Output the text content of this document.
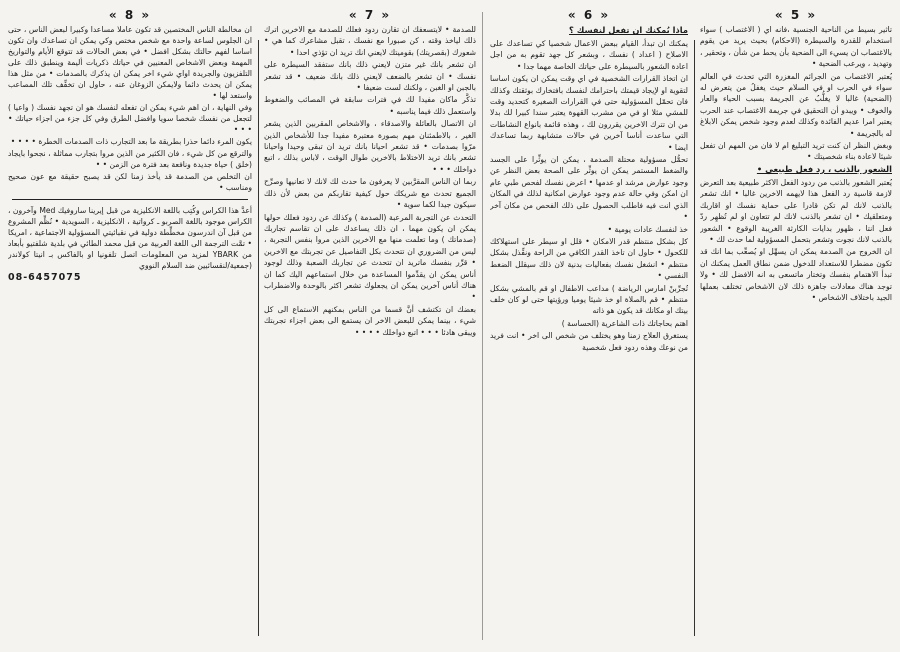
« 8 »
ان مخالطة الناس المختصين قد تكون عاملا مساعدا وكبيرا لبعض الناس ، حتى ان الجلوس لساعة واحدة مع شخص مختص وكي يمكن ان تساعدك وان تكون اساسا لفهم حالتك بشكل افضل • في بعض الحالات قد تتوقع الأيام والتواريخ المهمة وبعض الاشخاص المعنيين في حياتك ذكريات أليمة وينطبق ذلك على التلفزيون والجريدة اواي شيء اخر يمكن ان يذكرك بالصدمات • من مثل هذا يمكن ان يحدث دائما ولايمكن الزوغان عنه ، حاول ان تخفِّف تلك المصاعب واستعد لها •
وفي النهاية ، ان اهم شيء يمكن ان تفعله لنفسك هو ان تجهد نفسك ( واعيا ) لتجعل من نفسك شخصا سويا وافضل الطرق وفي كل جزء من اجزاء حياتك • • • •
يكون المرء دائما حذرا بطريقة ما بعد التجارب ذات الصدمات الخطرة • • • •
والترقع من كل شيء ، فان الكثير من الذين مروا بتجارب مماثلة ، نجحوا بايجاد (خلق ) حياة جديدة ونافعة بعد فترة من الزمن • •
ان التخلص من الصدمة قد يأخذ زمنا لكن قد يصبح حقيقة مع عون صحيح ومناسب •
أعدَّ هذا الكراس وكُتِب باللغة الانكليزية من قبل إيرينا ساروفيك Med وآخرون ، الكراس موجود باللغة الصربو ـ كرواتية ، الانكليزية ، السويدية • نُظِّم المشروع من قبل آن اندرسون مخطِّطة دولية في نقبائيتي المسؤولية الاجتماعية ، امريكا • تمَّت الترجمة الى اللغة العربية من قبل محمد الطائي في بلدية شلفتيو بأبعاد من YBARK لمزيد من المعلومات اتصل تلفونيا او بالفاكس بـ انيتا كولاندر (جمعية/لنقسائيين ضد السلام النووي
08-6457075
« 7 »
للصدمة • لايتسعفك ان تقارن ردود فعلك للصدمة مع الاخرين اترك ذلك لياخذ وقته ، كن صبورا مع نفسك ، تقبل مشاعرك كما هي • شعورك (بقصريتك) بقوميتك لايعني انك تريد ان تؤذي احدا •
ان تشعر بانك غير متزن لايعني ذلك بانك ستفقد السيطرة على نفسك • ان تشعر بالضعف لايعني ذلك بانك ضعيف • قد تشعر بالجبن او الغبن ، ولكنك لست ضعيفا •
تذكَّر ماكان مفيدا لك في فترات سابقة في المصائب والضغوط واستعمل ذلك فيما يناسبه •
ان الاتصال بالعائلة والاصدقاء ، والاشخاص المقربين الذين يشعر الغير ، بالاطمئنان مهم بصورة معتبرة مفيدا جدا للأشخاص الذين مرّوا بصدمات • قد تشعر احيانا بانك تريد ان تبقى وحيدا واحيانا تشعر بانك تريد الاختلاط بالاخرين طوال الوقت ، لاباس بذلك ، اتبع دواخلك • • •
ربما ان الناس المقرَّبين لا يعرفون ما حدث لك لانك لا تعانيها وصرِّح الجميع تحدث مع شريكك حول كيفية تقاربكم من بعض لأن ذلك سيكون جيدا لكما سوية •
التحدث عن التجربة المرعبة (الصدمة ) وكذلك عن ردود فعلك حولها يمكن ان يكون مهما ، ان ذلك يساعدك على ان تقاسم تجاربك (صدماتك ) وما تعلمت منها مع الاخرين الذين مروا بنفس التجربة ، ليس من الضروري ان تتحدث بكل التفاصيل عن تجربتك مع الاخرين • قرِّر بنفسك ماتريد ان تتحدث عن تجاربك الصعبة وذلك لوجود أناس يمكن ان يقدِّموا المساعدة من خلال استماعهم اليك كما ان هناك أناس آخرين يمكن ان يجعلوك تشعر اكثر بالوحدة والاضطراب •
بعضك ان تكتشف أنَّ قسما من الناس بمكنهم الاستماع الى كل شيء ، بينما يمكن للبعض الاخر ان يستمع الى بعض اجزاء تجربتك ويبقى هادئا • • • اتبع دواخلك • • • •
« 6 »
ماذا يُمكنك ان تفعل لنفسك ؟
يمكنك ان تبدأ، القيام ببعض الاعمال شخصيا كي تساعدك على الاصلاح ( اعداد ) نفسك ، وبشعر كل جهد تقوم به من اجل اعادة الشعور بالسيطرة على حياتك الخاصة مهما جدا •
ان اتخاذ القرارات الشخصية في اي وقت يمكن ان يكون اساسا لتقوية او لإيجاد قيمتك باحترامك لنفسك بافتخارك بوثقتك وكذلك فان تحمّل المسؤولية حتى في القرارات الصغيرة كتحديد وقت للمشي مثلا او في من مشرب القهوة يعتبر سندا كبيرا لك بدلا من ان تترك الاخرين يقررون لك ، وهذه قائمة بانواع النشاطات التي ساعدت أناسا آخرين في حالات متشابهة ربما تساعدك ايضا •
تحمُّل مسؤولية محتلة الصدمة ، يمكن ان يوثِّرا على الجسد والضغط المستمر يمكن ان يوثِّر على الصحة بعض النظر عن وجود عوارض مرشد او عدمها • اعرض نفسك لفحص طبي عام ان امكن وفي حالة عدم وجود عوارض امكانية لذلك في المكان الذي انت فيه فاطلب الحصول على ذلك الفحص من مكان آخر •
خذ لنفسك عادات يومية •
كل بشكل منتظم قدر الامكان • قلل او سيطر على استهلاكك للكحول • حاول ان تاخذ القدر الكافي من الراحة ونفِّذل بشكل منتظم • انشغل نفسك بفعاليات بدنية لان ذلك سيقلل الضغط النفسي •
تُجرِّبنْ امارس الرياضة ) مداعب الاطفال او قم بالمشي بشكل منتظم • قم بالصلاة او خذ شيئا يوميا ورؤيتها حتى لو كان خلف بيتك او مكانك قد يكون هو ذاته
اهتم بحاجاتك ذات الشاعرية (الحساسة )
يستغرق العلاج زمنا وهو يختلف من شخص الى اخر • انت فريد من نوعك وهذه ردود فعل شخصية
« 5 »
تاثير بسيط من الناحية الجنسية ،فانه اي ( الاغتصاب ) سواء استخدام للقدرة والسيطرة (الاحكام) بحيث يريد من يقوم بالاغتصاب ان يسيء الى الضحية بأن يحط من شأن ، وتحقير ، وتهديد ، ويرعب الضحية •
يُعتبر الاغتصاب من الجرائم المغزرة التي تحدث في العالم سواء في الحرب او في السلام حيث يغفلُ من يتعرض له (الضحية) غالبا لا يغلُّبُ عن الجريمة بسبب الحياء والعار والخوف • ويبدو أن التحقيق في جريمة الاغتصاب عند الحرب يعتبر امرا عديم الفائدة وكذلك لعدم وجود شخص يمكن الابلاغ له بالجريمة •
وبغض النظر ان كنت تريد التبليغ ام لا فان من المهم ان تفعل شيئا لاعادة بناء شخصيتك •
الشعور بالذنب ، رد فعل طبيعي •
يُعتبر الشعور بالذنب من ردود الفعل الاكثر طبيعية بعد التعرض لازمة قاسية رد الفعل هذا لايهمه الاخرين غالبا • انك تشعر بالذنب لانك لم تكن قادرا على حماية نفسك او اقاربك ومتعلقيك • ان تشعر بالذنب لانك لم تتعاون او لم تُظهِر ردّ فعل انتا ، ظهور بدايات الكارثة الغريبة الوقوع • الشعور بالذنب لانك نجوت وتشعر بتحمل المسؤولية لما حدث لك •
ان الخروج من الصدمة يمكن ان يسهِّل او يُصعِّب بما انك قد تكون مضطرا للاستعداد للدخول ضمن نطاق العمل يمكنك ان تبدأ الاهتمام بنفسك وتختار ماتسعى به انه الافضل لك • ولا توجد هناك معادلات جاهزة ذلك لان الاشخاص تختلف بعملها الجيد باختلاف الاشخاص •
